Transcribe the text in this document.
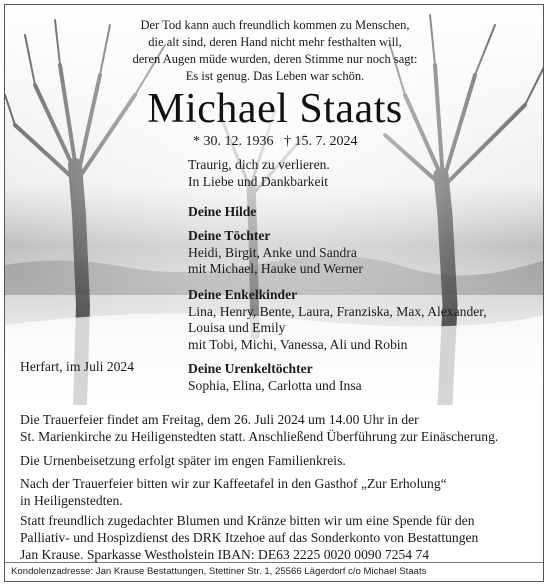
Der Tod kann auch freundlich kommen zu Menschen,
die alt sind, deren Hand nicht mehr festhalten will,
deren Augen müde wurden, deren Stimme nur noch sagt:
Es ist genug. Das Leben war schön.
Michael Staats
* 30. 12. 1936   † 15. 7. 2024
Traurig, dich zu verlieren.
In Liebe und Dankbarkeit
Deine Hilde
Deine Töchter
Heidi, Birgit, Anke und Sandra
mit Michael, Hauke und Werner
Deine Enkelkinder
Lina, Henry, Bente, Laura, Franziska, Max, Alexander,
Louisa und Emily
mit Tobi, Michi, Vanessa, Ali und Robin
Deine Urenkeltöchter
Sophia, Elina, Carlotta und Insa
Herfart, im Juli 2024
Die Trauerfeier findet am Freitag, dem 26. Juli 2024 um 14.00 Uhr in der
St. Marienkirche zu Heiligenstedten statt. Anschließend Überführung zur Einäscherung.
Die Urnenbeisetzung erfolgt später im engen Familienkreis.
Nach der Trauerfeier bitten wir zur Kaffeetafel in den Gasthof „Zur Erholung“
in Heiligenstedten.
Statt freundlich zugedachter Blumen und Kränze bitten wir um eine Spende für den
Palliativ- und Hospizdienst des DRK Itzehoe auf das Sonderkonto von Bestattungen
Jan Krause. Sparkasse Westholstein IBAN: DE63 2225 0020 0090 7254 74
Kondolenzadresse: Jan Krause Bestattungen, Stettiner Str. 1, 25566 Lägerdorf c/o Michael Staats
